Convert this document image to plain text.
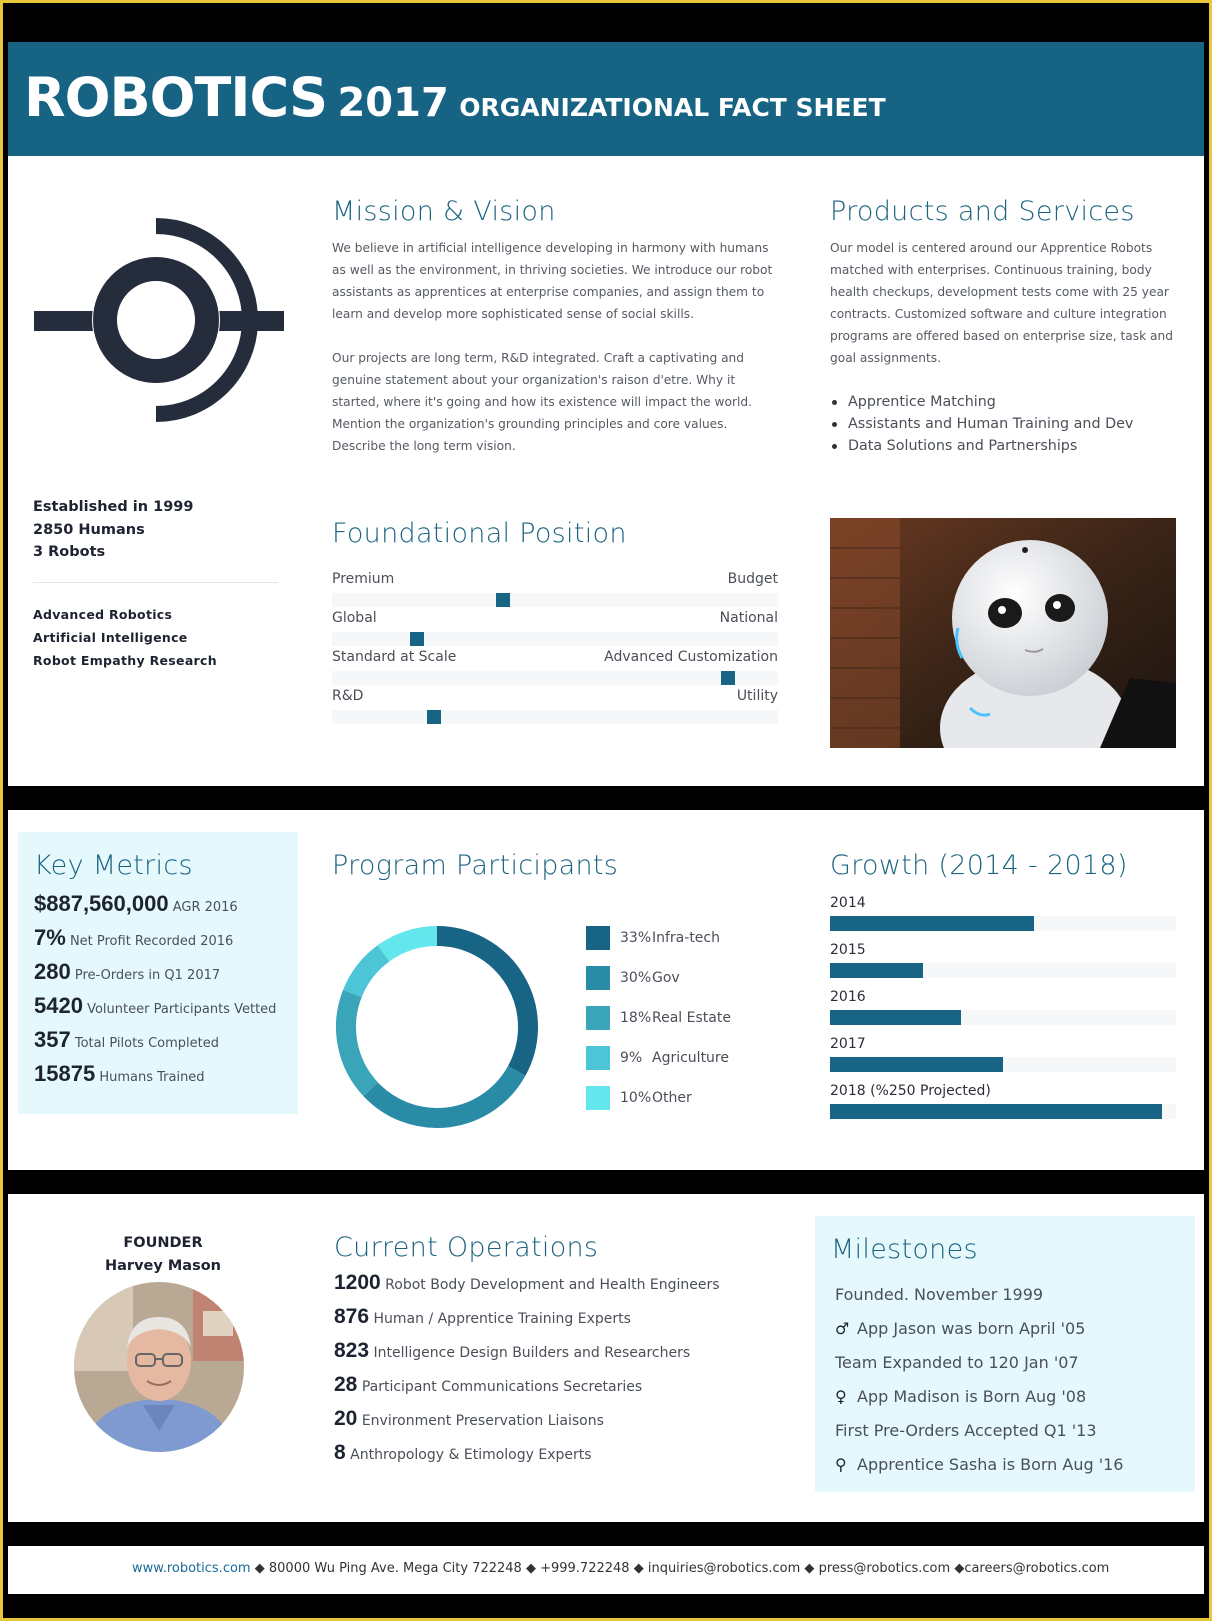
ROBOTICS 2017 ORGANIZATIONAL FACT SHEET
Established in 1999
2850 Humans
3 Robots
Advanced Robotics
Artificial Intelligence
Robot Empathy Research
Mission & Vision

We believe in artificial intelligence developing in harmony with humans as well as the environment, in thriving societies. We introduce our robot assistants as apprentices at enterprise companies, and assign them to learn and develop more sophisticated sense of social skills.

Our projects are long term, R&D integrated. Craft a captivating and genuine statement about your organization's raison d'etre. Why it started, where it's going and how its existence will impact the world. Mention the organization's grounding principles and core values. Describe the long term vision.

Products and Services

Our model is centered around our Apprentice Robots matched with enterprises. Continuous training, body health checkups, development tests come with 25 year contracts. Customized software and culture integration programs are offered based on enterprise size, task and goal assignments.

Apprentice Matching
Assistants and Human Training and Dev
Data Solutions and Partnerships
Foundational Position
Premium	Budget
Global	National
Standard at Scale	Advanced Customization
R&D	Utility
Key Metrics
$887,560,000 AGR 2016
7% Net Profit Recorded 2016
280 Pre-Orders in Q1 2017
5420 Volunteer Participants Vetted
357 Total Pilots Completed
15875 Humans Trained
Program Participants
33% Infra-tech
30% Gov
18% Real Estate
9% Agriculture
10% Other
Growth (2014 - 2018)
2014
2015
2016
2017
2018 (%250 Projected)
FOUNDER
Harvey Mason
Current Operations
1200 Robot Body Development and Health Engineers
876 Human / Apprentice Training Experts
823 Intelligence Design Builders and Researchers
28 Participant Communications Secretaries
20 Environment Preservation Liaisons
8 Anthropology & Etimology Experts
Milestones
Founded. November 1999
♂ App Jason was born April '05
Team Expanded to 120 Jan '07
♀ App Madison is Born Aug '08
First Pre-Orders Accepted Q1 '13
⚲ Apprentice Sasha is Born Aug '16
www.robotics.com ◆ 80000 Wu Ping Ave. Mega City 722248 ◆ +999.722248 ◆ inquiries@robotics.com ◆ press@robotics.com ◆careers@robotics.com
